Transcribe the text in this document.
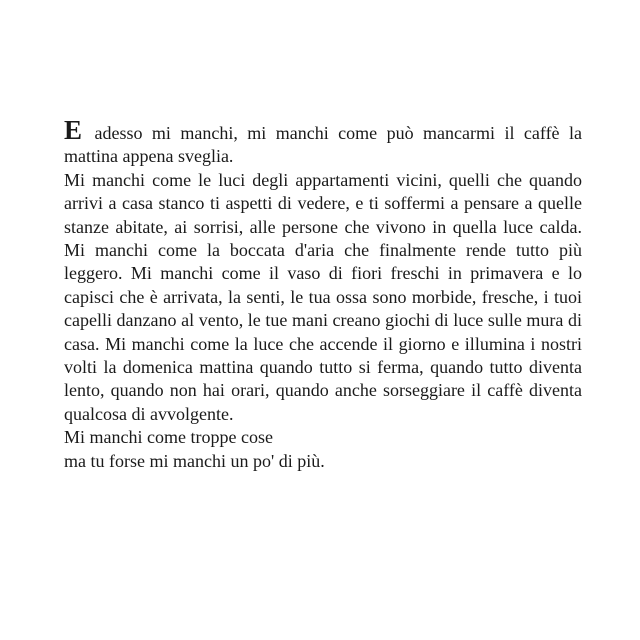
E adesso mi manchi, mi manchi come può mancarmi il caffè la mattina appena sveglia.

Mi manchi come le luci degli appartamenti vicini, quelli che quando arrivi a casa stanco ti aspetti di vedere, e ti soffermi a pensare a quelle stanze abitate, ai sorrisi, alle persone che vivono in quella luce calda. Mi manchi come la boccata d'aria che finalmente rende tutto più leggero. Mi manchi come il vaso di fiori freschi in primavera e lo capisci che è arrivata, la senti, le tua ossa sono morbide, fresche, i tuoi capelli danzano al vento, le tue mani creano giochi di luce sulle mura di casa. Mi manchi come la luce che accende il giorno e illumina i nostri volti la domenica mattina quando tutto si ferma, quando tutto diventa lento, quando non hai orari, quando anche sorseggiare il caffè diventa qualcosa di avvolgente.

Mi manchi come troppe cose
ma tu forse mi manchi un po' di più.
